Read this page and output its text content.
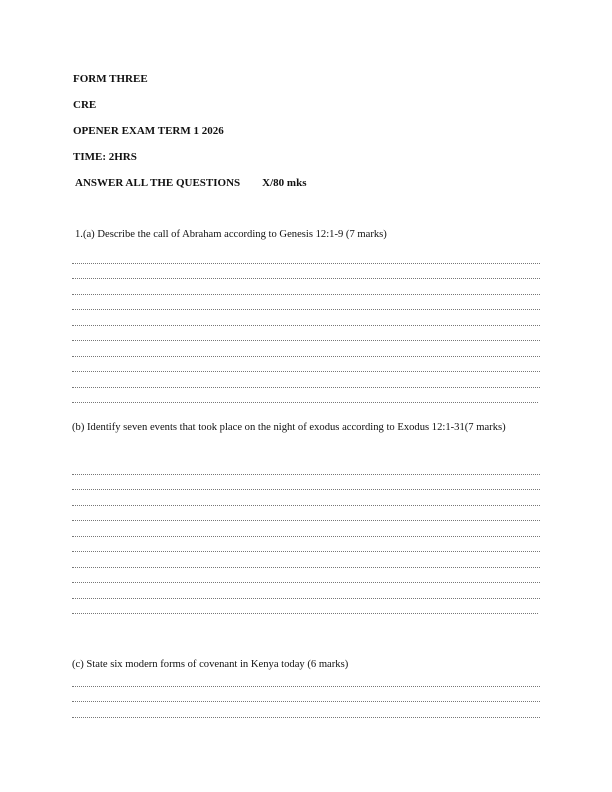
FORM THREE
CRE
OPENER EXAM TERM 1 2026
TIME: 2HRS
ANSWER ALL THE QUESTIONS X/80 mks
1.(a) Describe the call of Abraham according to Genesis 12:1-9 (7 marks)
(b) Identify seven events that took place on the night of exodus according to Exodus 12:1-31(7 marks)
(c) State six modern forms of covenant in Kenya today (6 marks)
